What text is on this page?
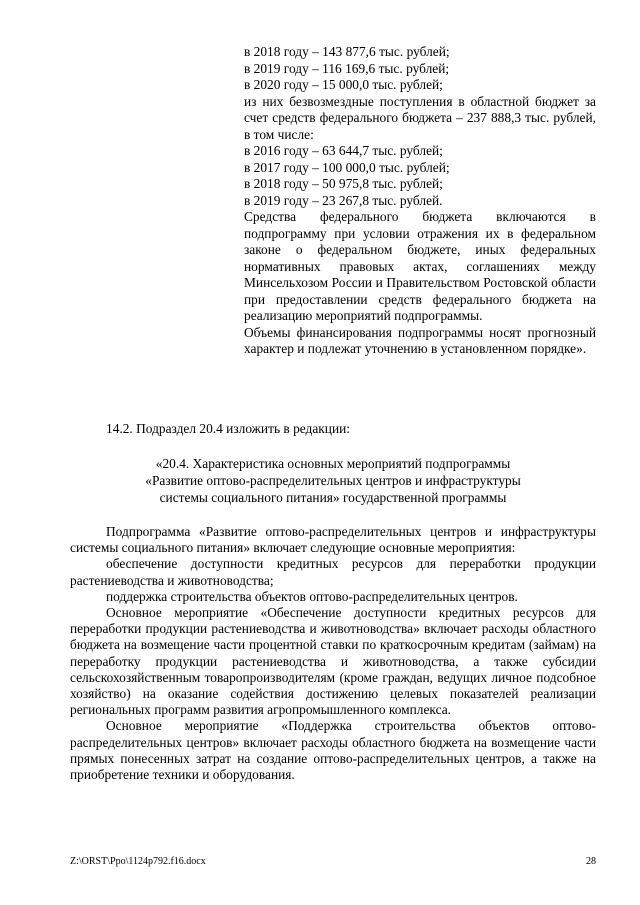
в 2018 году – 143 877,6 тыс. рублей;
в 2019 году – 116 169,6 тыс. рублей;
в 2020 году – 15 000,0 тыс. рублей;

из них безвозмездные поступления в областной бюджет за счет средств федерального бюджета – 237 888,3 тыс. рублей, в том числе:

в 2016 году – 63 644,7 тыс. рублей;
в 2017 году – 100 000,0 тыс. рублей;
в 2018 году – 50 975,8 тыс. рублей;
в 2019 году – 23 267,8 тыс. рублей.

Средства федерального бюджета включаются в подпрограмму при условии отражения их в федеральном законе о федеральном бюджете, иных федеральных нормативных правовых актах, соглашениях между Минсельхозом России и Правительством Ростовской области при предоставлении средств федерального бюджета на реализацию мероприятий подпрограммы.

Объемы финансирования подпрограммы носят прогнозный характер и подлежат уточнению в установленном порядке».

14.2. Подраздел 20.4 изложить в редакции:
«20.4. Характеристика основных мероприятий подпрограммы
«Развитие оптово-распределительных центров и инфраструктуры
системы социального питания» государственной программы

Подпрограмма «Развитие оптово-распределительных центров и инфраструктуры системы социального питания» включает следующие основные мероприятия:

обеспечение доступности кредитных ресурсов для переработки продукции растениеводства и животноводства;

поддержка строительства объектов оптово-распределительных центров.

Основное мероприятие «Обеспечение доступности кредитных ресурсов для переработки продукции растениеводства и животноводства» включает расходы областного бюджета на возмещение части процентной ставки по краткосрочным кредитам (займам) на переработку продукции растениеводства и животноводства, а также субсидии сельскохозяйственным товаропроизводителям (кроме граждан, ведущих личное подсобное хозяйство) на оказание содействия достижению целевых показателей реализации региональных программ развития агропромышленного комплекса.

Основное мероприятие «Поддержка строительства объектов оптово-распределительных центров» включает расходы областного бюджета на возмещение части прямых понесенных затрат на создание оптово-распределительных центров, а также на приобретение техники и оборудования.

Z:\ORST\Ppo\1124p792.f16.docx	28
